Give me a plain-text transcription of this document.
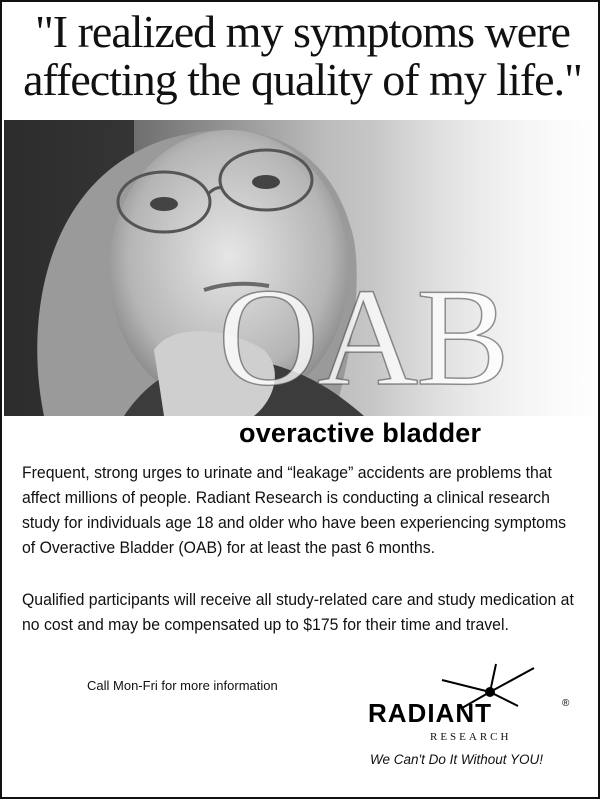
"I realized my symptoms were
affecting the quality of my life."
OAB
overactive bladder

Frequent, strong urges to urinate and “leakage” accidents are problems that affect millions of people. Radiant Research is conducting a clinical research study for individuals age 18 and older who have been experiencing symptoms of Overactive Bladder (OAB) for at least the past 6 months.

Qualified participants will receive all study-related care and study medication at no cost and may be compensated up to $175 for their time and travel.

Call Mon-Fri for more information
RADIANT	®
RESEARCH
We Can't Do It Without YOU!
